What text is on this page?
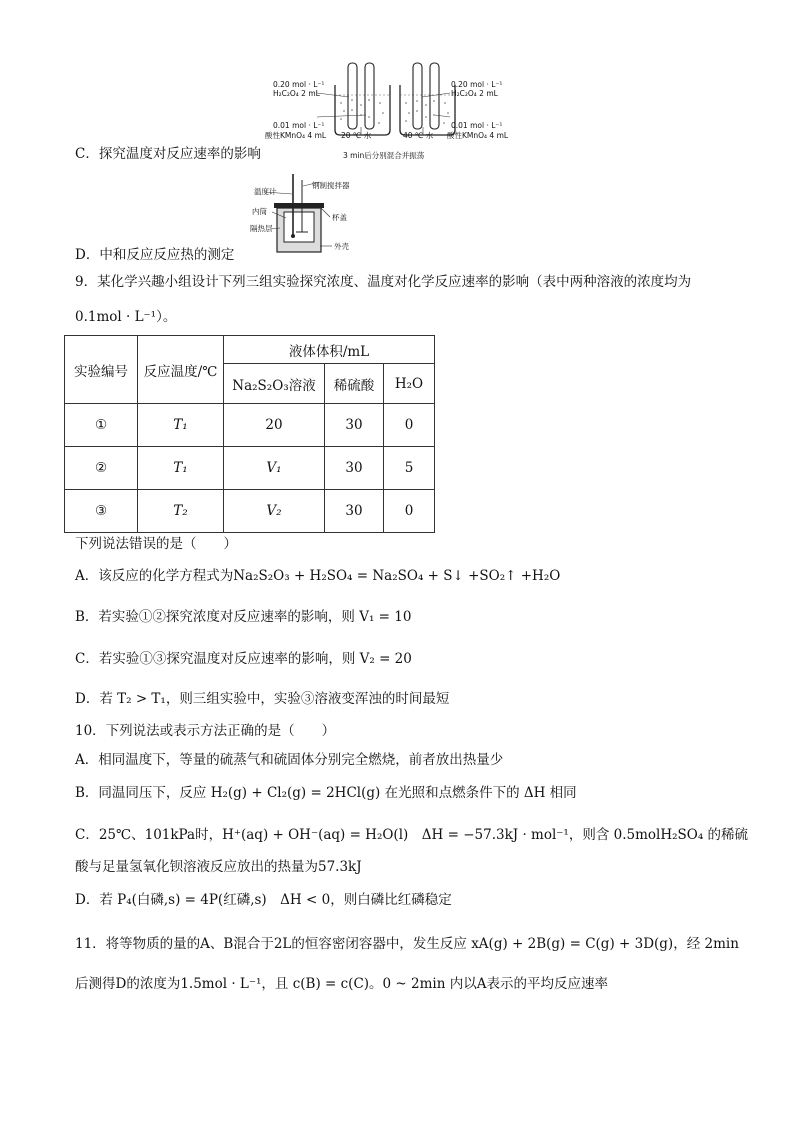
0.20 mol · L⁻¹
H₂C₂O₄ 2 mL
0.01 mol · L⁻¹
酸性KMnO₄ 4 mL 20 ℃ 水
0.20 mol · L⁻¹
H₂C₂O₄ 2 mL
0.01 mol · L⁻¹
酸性KMnO₄ 4 mL
40 ℃ 水
3 min后分别混合并振荡
C．探究温度对反应速率的影响
温度计
钢制搅拌器
内筒
杯盖
隔热层
外壳
D．中和反应反应热的测定
9．某化学兴趣小组设计下列三组实验探究浓度、温度对化学反应速率的影响（表中两种溶液的浓度均为
0.1mol · L⁻¹）。
实验编号	反应温度/℃	液体体积/mL		
		Na₂S₂O₃溶液	稀硫酸	H₂O
①	T₁	20	30	0
②	T₁	V₁	30	5
③	T₂	V₂	30	0
下列说法错误的是（　　）
A．该反应的化学方程式为Na₂S₂O₃ + H₂SO₄ = Na₂SO₄ + S↓ +SO₂↑ +H₂O
B．若实验①②探究浓度对反应速率的影响，则 V₁ = 10
C．若实验①③探究温度对反应速率的影响，则 V₂ = 20
D．若 T₂ > T₁，则三组实验中，实验③溶液变浑浊的时间最短
10．下列说法或表示方法正确的是（　　）
A．相同温度下，等量的硫蒸气和硫固体分别完全燃烧，前者放出热量少
B．同温同压下，反应 H₂(g) + Cl₂(g) = 2HCl(g) 在光照和点燃条件下的 ΔH 相同
C．25℃、101kPa时，H⁺(aq) + OH⁻(aq) = H₂O(l)　ΔH = −57.3kJ · mol⁻¹，则含 0.5molH₂SO₄ 的稀硫
酸与足量氢氧化钡溶液反应放出的热量为57.3kJ
D．若 P₄(白磷,s) = 4P(红磷,s)　ΔH < 0，则白磷比红磷稳定
11．将等物质的量的A、B混合于2L的恒容密闭容器中，发生反应 xA(g) + 2B(g) = C(g) + 3D(g)，经 2min
后测得D的浓度为1.5mol · L⁻¹，且 c(B) = c(C)。0 ~ 2min 内以A表示的平均反应速率
